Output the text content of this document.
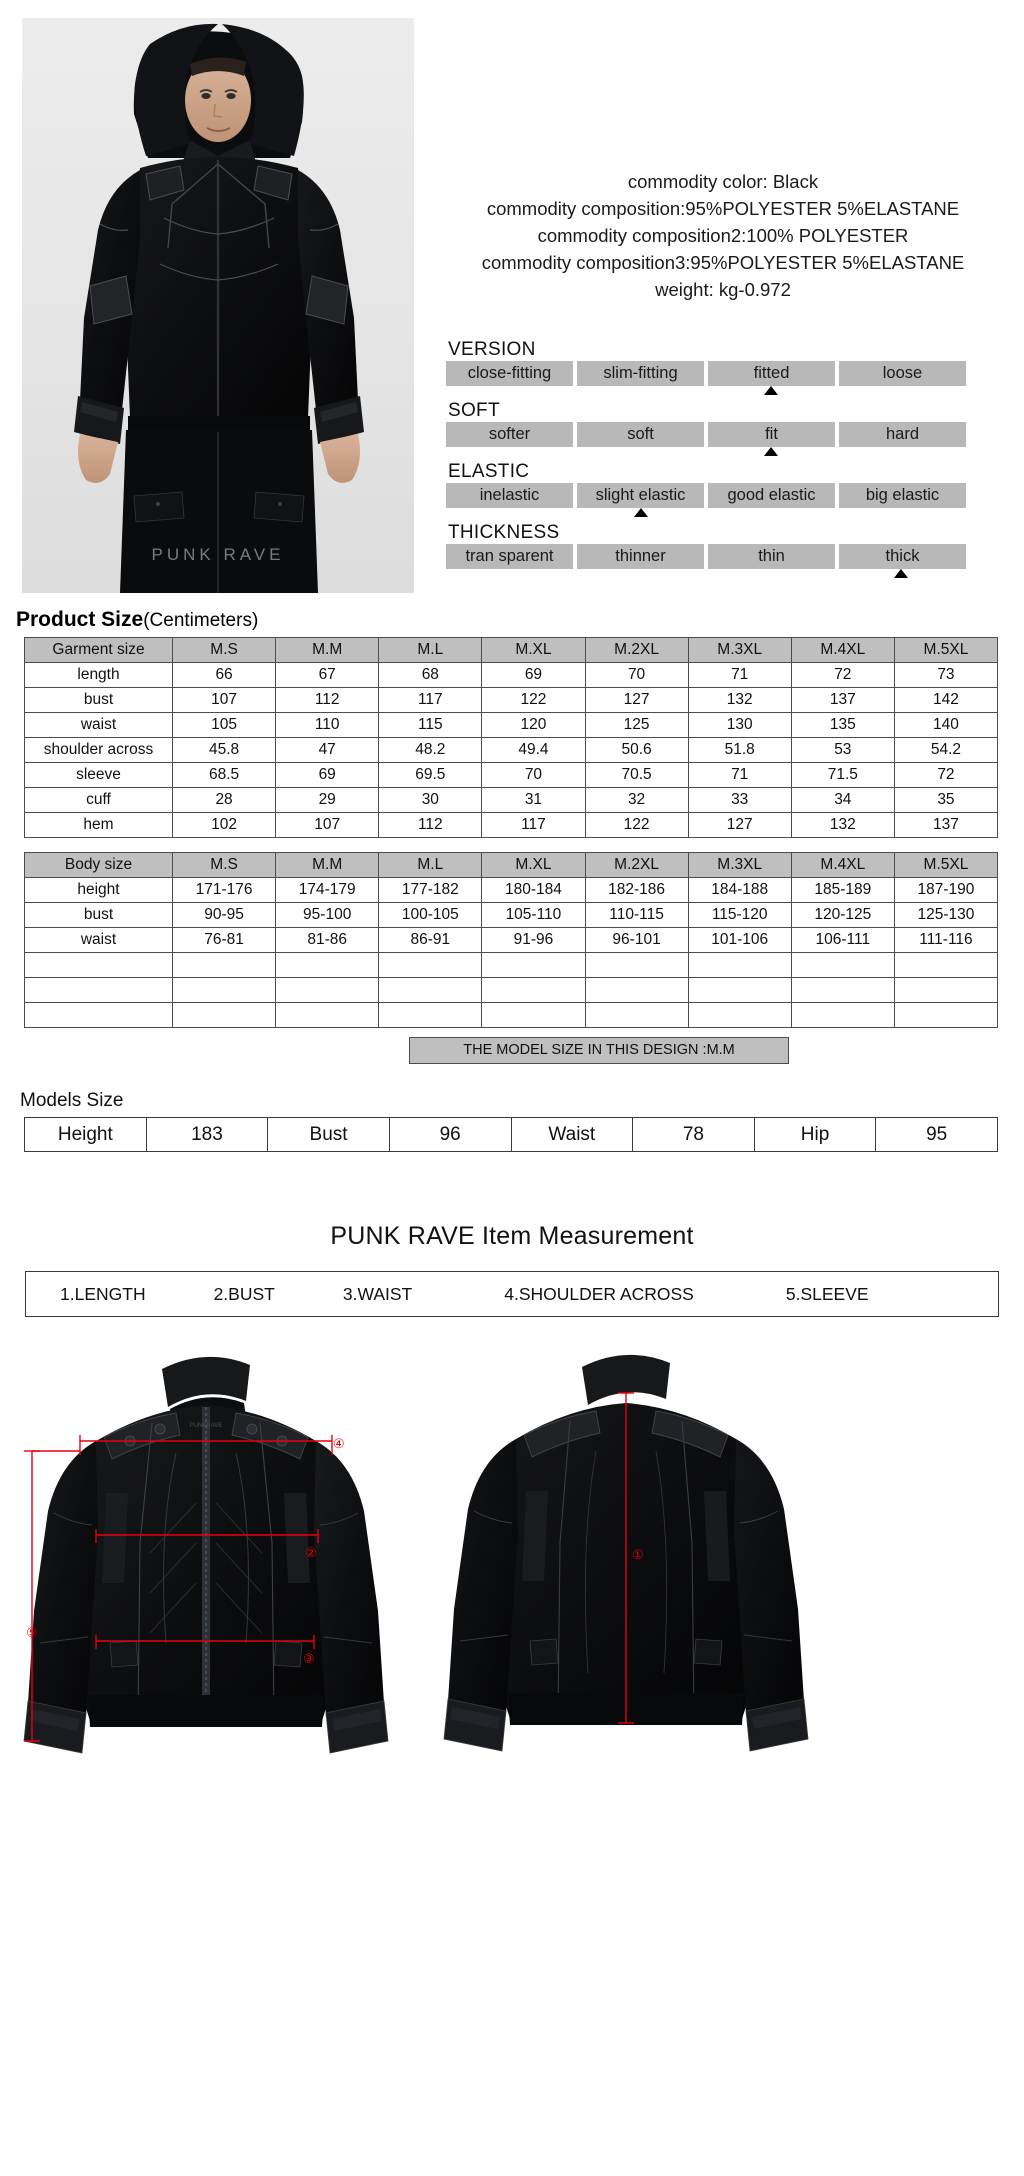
PUNK RAVE
commodity color: Black
commodity composition:95%POLYESTER 5%ELASTANE
commodity composition2:100% POLYESTER
commodity composition3:95%POLYESTER 5%ELASTANE
weight: kg-0.972
VERSION
close-fitting	slim-fitting	fitted	loose
SOFT
softer	soft	fit	hard
ELASTIC
inelastic	slight elastic	good elastic	big elastic
THICKNESS
tran sparent	thinner	thin	thick
Product Size(Centimeters)
Garment size	M.S	M.M	M.L	M.XL	M.2XL	M.3XL	M.4XL	M.5XL
length	66	67	68	69	70	71	72	73
bust	107	112	117	122	127	132	137	142
waist	105	110	115	120	125	130	135	140
shoulder across	45.8	47	48.2	49.4	50.6	51.8	53	54.2
sleeve	68.5	69	69.5	70	70.5	71	71.5	72
cuff	28	29	30	31	32	33	34	35
hem	102	107	112	117	122	127	132	137
Body size	M.S	M.M	M.L	M.XL	M.2XL	M.3XL	M.4XL	M.5XL
height	171-176	174-179	177-182	180-184	182-186	184-188	185-189	187-190
bust	90-95	95-100	100-105	105-110	110-115	115-120	120-125	125-130
waist	76-81	81-86	86-91	91-96	96-101	101-106	106-111	111-116

THE MODEL SIZE IN THIS DESIGN :M.M
Models Size
Height	183	Bust	96	Waist	78	Hip	95
PUNK RAVE Item Measurement
1.LENGTH	2.BUST	3.WAIST	4.SHOULDER ACROSS	5.SLEEVE
PUNKRAVE
④
②
③
⑤
①
